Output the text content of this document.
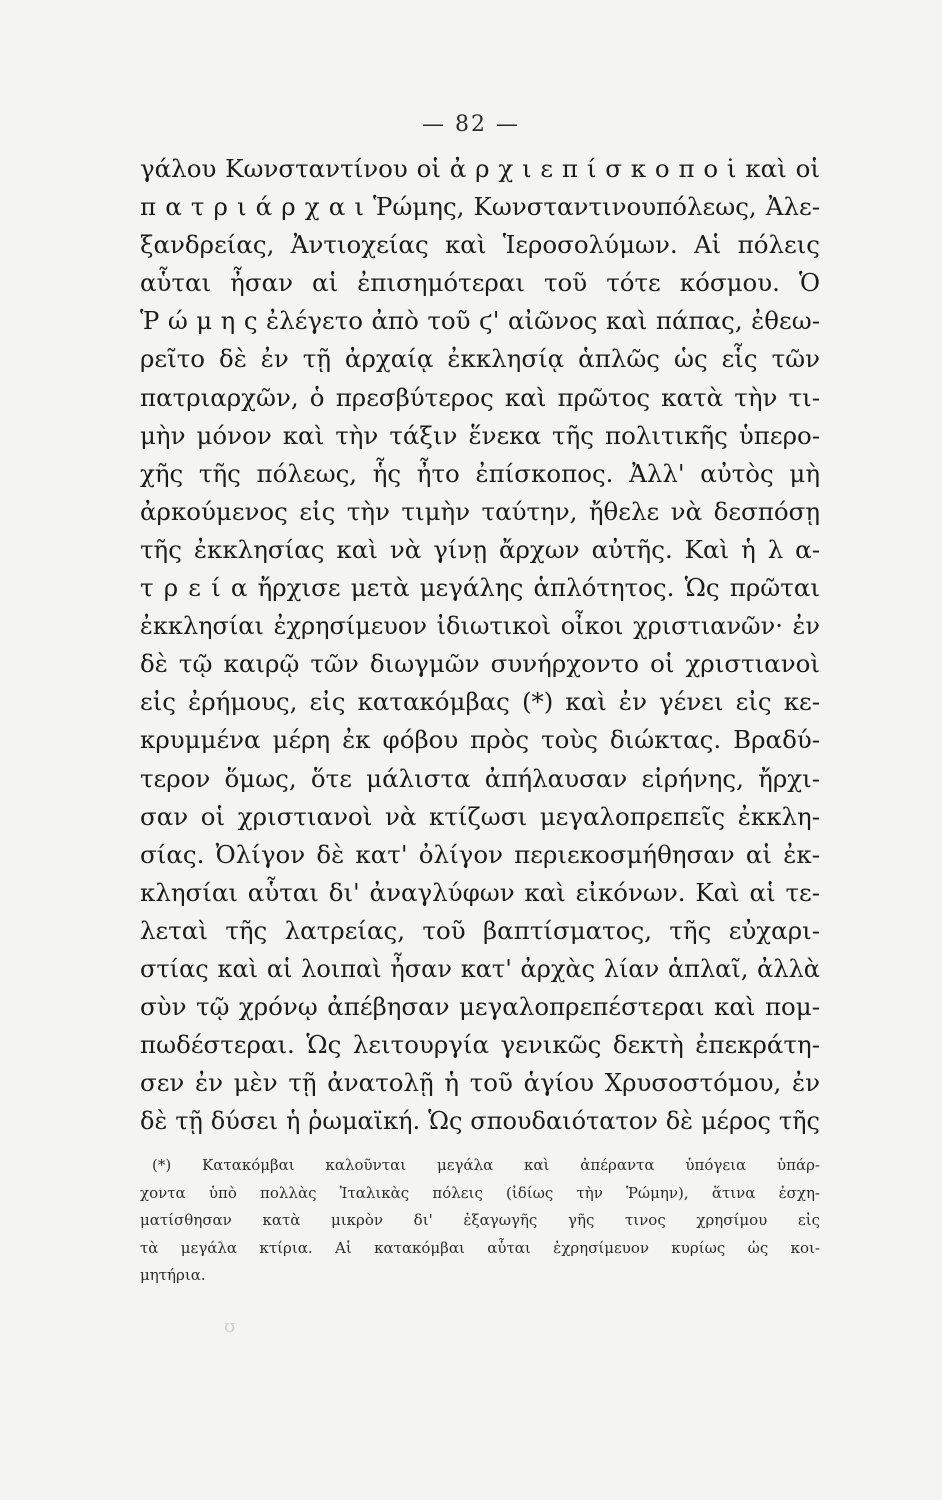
— 82 —
γάλου Κωνσταντίνου οἱ ἀ ρ χ ι ε π ί σ κ ο π ο ι̇ καὶ οἱ
π α τ ρ ι ά ρ χ α ι Ῥώμης, Κωνσταντινουπόλεως, Ἀλε-
ξανδρείας, Ἀντιοχείας καὶ Ἱεροσολύμων. Αἱ πόλεις
αὗται ἦσαν αἱ ἐπισημότεραι τοῦ τότε κόσμου. Ὁ
Ῥ ώ μ η ς ἐλέγετο ἀπὸ τοῦ ϛ' αἰῶνος καὶ πάπας, ἐθεω-
ρεῖτο δὲ ἐν τῇ ἀρχαίᾳ ἐκκλησίᾳ ἁπλῶς ὡς εἷς τῶν
πατριαρχῶν, ὁ πρεσβύτερος καὶ πρῶτος κατὰ τὴν τι-
μὴν μόνον καὶ τὴν τάξιν ἕνεκα τῆς πολιτικῆς ὑπερο-
χῆς τῆς πόλεως, ἧς ἦτο ἐπίσκοπος. Ἀλλ' αὐτὸς μὴ
ἀρκούμενος εἰς τὴν τιμὴν ταύτην, ἤθελε νὰ δεσπόσῃ
τῆς ἐκκλησίας καὶ νὰ γίνῃ ἄρχων αὐτῆς. Καὶ ἡ λ α-
τ ρ ε ί α ἤρχισε μετὰ μεγάλης ἁπλότητος. Ὡς πρῶται
ἐκκλησίαι ἐχρησίμευον ἰδιωτικοὶ οἶκοι χριστιανῶν· ἐν
δὲ τῷ καιρῷ τῶν διωγμῶν συνήρχοντο οἱ χριστιανοὶ
εἰς ἐρήμους, εἰς κατακόμβας (*) καὶ ἐν γένει εἰς κε-
κρυμμένα μέρη ἐκ φόβου πρὸς τοὺς διώκτας. Βραδύ-
τερον ὅμως, ὅτε μάλιστα ἀπήλαυσαν εἰρήνης, ἤρχι-
σαν οἱ χριστιανοὶ νὰ κτίζωσι μεγαλοπρεπεῖς ἐκκλη-
σίας. Ὀλίγον δὲ κατ' ὀλίγον περιεκοσμήθησαν αἱ ἐκ-
κλησίαι αὗται δι' ἀναγλύφων καὶ εἰκόνων. Καὶ αἱ τε-
λεταὶ τῆς λατρείας, τοῦ βαπτίσματος, τῆς εὐχαρι-
στίας καὶ αἱ λοιπαὶ ἦσαν κατ' ἀρχὰς λίαν ἁπλαῖ, ἀλλὰ
σὺν τῷ χρόνῳ ἀπέβησαν μεγαλοπρεπέστεραι καὶ πομ-
πωδέστεραι. Ὡς λειτουργία γενικῶς δεκτὴ ἐπεκράτη-
σεν ἐν μὲν τῇ ἀνατολῇ ἡ τοῦ ἁγίου Χρυσοστόμου, ἐν
δὲ τῇ δύσει ἡ ῥωμαϊκή. Ὡς σπουδαιότατον δὲ μέρος τῆς
(*) Κατακόμβαι καλοῦνται μεγάλα καὶ ἀπέραντα ὑπόγεια ὑπάρ-
χοντα ὑπὸ πολλὰς Ἰταλικὰς πόλεις (ἰδίως τὴν Ῥώμην), ἅτινα ἐσχη-
ματίσθησαν κατὰ μικρὸν δι' ἐξαγωγῆς γῆς τινος χρησίμου εἰς
τὰ μεγάλα κτίρια. Αἱ κατακόμβαι αὗται ἐχρησίμευον κυρίως ὡς κοι-
μητήρια.
ʊ
